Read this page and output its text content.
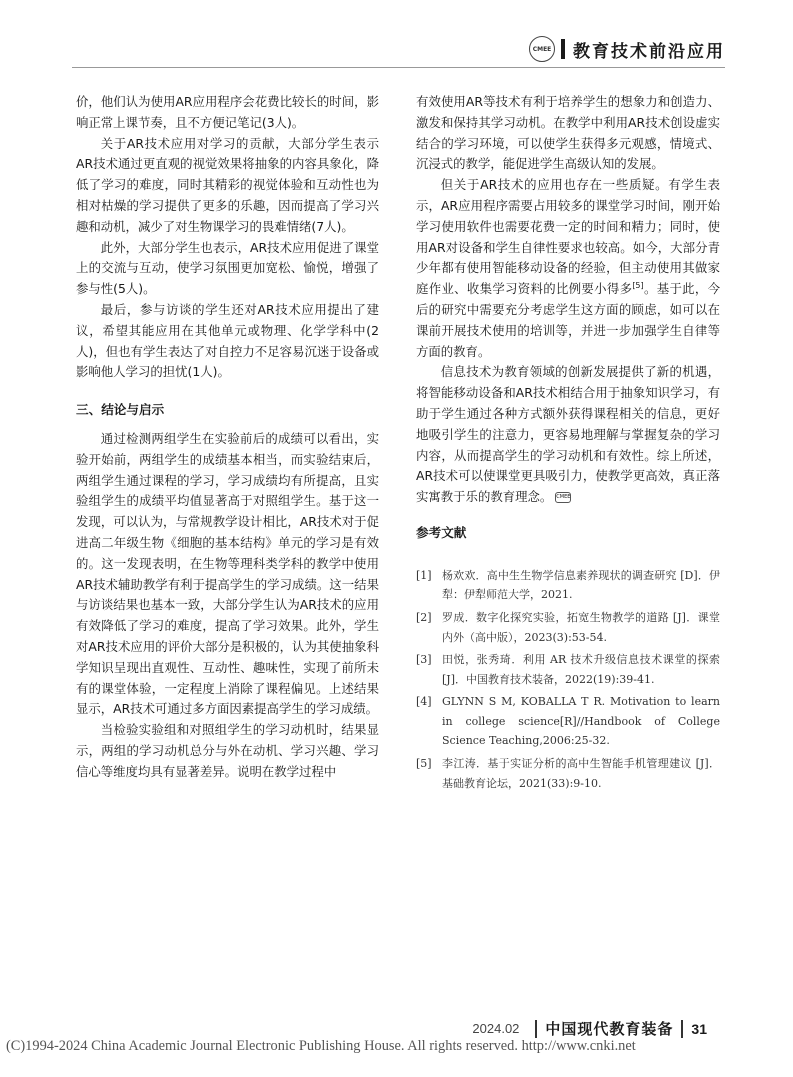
CMEE 教育技术前沿应用

价，他们认为使用AR应用程序会花费比较长的时间，影响正常上课节奏，且不方便记笔记(3人)。

关于AR技术应用对学习的贡献，大部分学生表示AR技术通过更直观的视觉效果将抽象的内容具象化，降低了学习的难度，同时其精彩的视觉体验和互动性也为相对枯燥的学习提供了更多的乐趣，因而提高了学习兴趣和动机，减少了对生物课学习的畏难情绪(7人)。

此外，大部分学生也表示，AR技术应用促进了课堂上的交流与互动，使学习氛围更加宽松、愉悦，增强了参与性(5人)。

最后，参与访谈的学生还对AR技术应用提出了建议，希望其能应用在其他单元或物理、化学学科中(2人)，但也有学生表达了对自控力不足容易沉迷于设备或影响他人学习的担忧(1人)。

三、结论与启示

通过检测两组学生在实验前后的成绩可以看出，实验开始前，两组学生的成绩基本相当，而实验结束后，两组学生通过课程的学习，学习成绩均有所提高，且实验组学生的成绩平均值显著高于对照组学生。基于这一发现，可以认为，与常规教学设计相比，AR技术对于促进高二年级生物《细胞的基本结构》单元的学习是有效的。这一发现表明，在生物等理科类学科的教学中使用AR技术辅助教学有利于提高学生的学习成绩。这一结果与访谈结果也基本一致，大部分学生认为AR技术的应用有效降低了学习的难度，提高了学习效果。此外，学生对AR技术应用的评价大部分是积极的，认为其使抽象科学知识呈现出直观性、互动性、趣味性，实现了前所未有的课堂体验，一定程度上消除了课程偏见。上述结果显示，AR技术可通过多方面因素提高学生的学习成绩。

当检验实验组和对照组学生的学习动机时，结果显示，两组的学习动机总分与外在动机、学习兴趣、学习信心等维度均具有显著差异。说明在教学过程中

有效使用AR等技术有利于培养学生的想象力和创造力、激发和保持其学习动机。在教学中利用AR技术创设虚实结合的学习环境，可以使学生获得多元观感，情境式、沉浸式的教学，能促进学生高级认知的发展。

但关于AR技术的应用也存在一些质疑。有学生表示，AR应用程序需要占用较多的课堂学习时间，刚开始学习使用软件也需要花费一定的时间和精力；同时，使用AR对设备和学生自律性要求也较高。如今，大部分青少年都有使用智能移动设备的经验，但主动使用其做家庭作业、收集学习资料的比例要小得多[5]。基于此，今后的研究中需要充分考虑学生这方面的顾虑，如可以在课前开展技术使用的培训等，并进一步加强学生自律等方面的教育。

信息技术为教育领域的创新发展提供了新的机遇，将智能移动设备和AR技术相结合用于抽象知识学习，有助于学生通过各种方式额外获得课程相关的信息，更好地吸引学生的注意力，更容易地理解与掌握复杂的学习内容，从而提高学生的学习动机和有效性。综上所述，AR技术可以使课堂更具吸引力，使教学更高效，真正落实寓教于乐的教育理念。 CMEE

参考文献

[1] 杨欢欢．高中生生物学信息素养现状的调查研究 [D]．伊犁：伊犁师范大学，2021.
[2] 罗成．数字化探究实验，拓宽生物教学的道路 [J]．课堂内外（高中版），2023(3):53-54.
[3] 田悦，张秀琦．利用 AR 技术升级信息技术课堂的探索 [J]．中国教育技术装备，2022(19):39-41.
[4] GLYNN S M, KOBALLA T R. Motivation to learn in college science[R]//Handbook of College Science Teaching,2006:25-32.
[5] 李江涛．基于实证分析的高中生智能手机管理建议 [J]．基础教育论坛，2021(33):9-10.
2024.02 中国现代教育装备 31
(C)1994-2024 China Academic Journal Electronic Publishing House. All rights reserved. http://www.cnki.net
